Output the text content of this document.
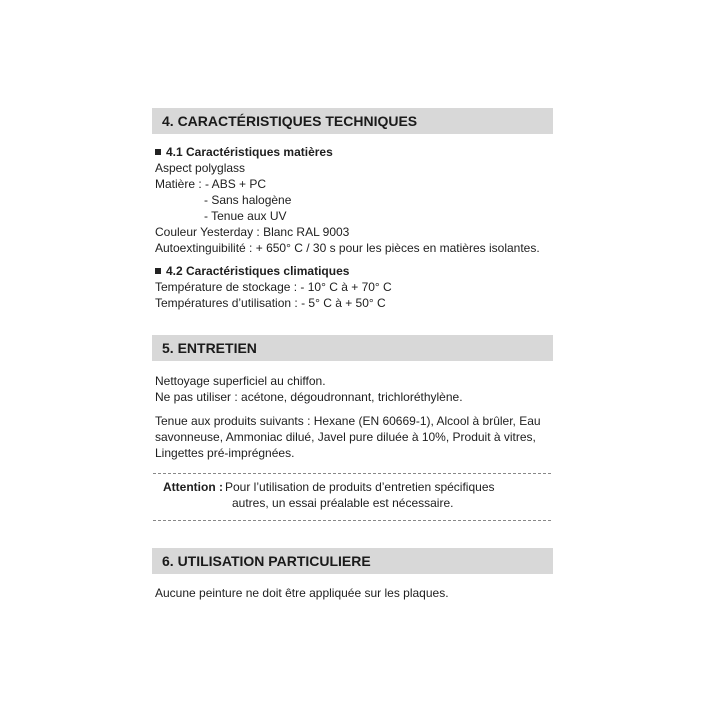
4. CARACTÉRISTIQUES TECHNIQUES
4.1 Caractéristiques matières
Aspect polyglass
Matière : - ABS + PC
- Sans halogène
- Tenue aux UV
Couleur Yesterday : Blanc RAL 9003
Autoextinguibilité : + 650° C / 30 s pour les pièces en matières isolantes.
4.2 Caractéristiques climatiques
Température de stockage : - 10° C à + 70° C
Températures d’utilisation : - 5° C à + 50° C
5. ENTRETIEN
Nettoyage superficiel au chiffon.
Ne pas utiliser : acétone, dégoudronnant, trichloréthylène.
Tenue aux produits suivants : Hexane (EN 60669-1), Alcool à brûler, Eau
savonneuse, Ammoniac dilué, Javel pure diluée à 10%, Produit à vitres,
Lingettes pré-imprégnées.
Attention : Pour l’utilisation de produits d’entretien spécifiques
autres, un essai préalable est nécessaire.
6. UTILISATION PARTICULIERE
Aucune peinture ne doit être appliquée sur les plaques.
